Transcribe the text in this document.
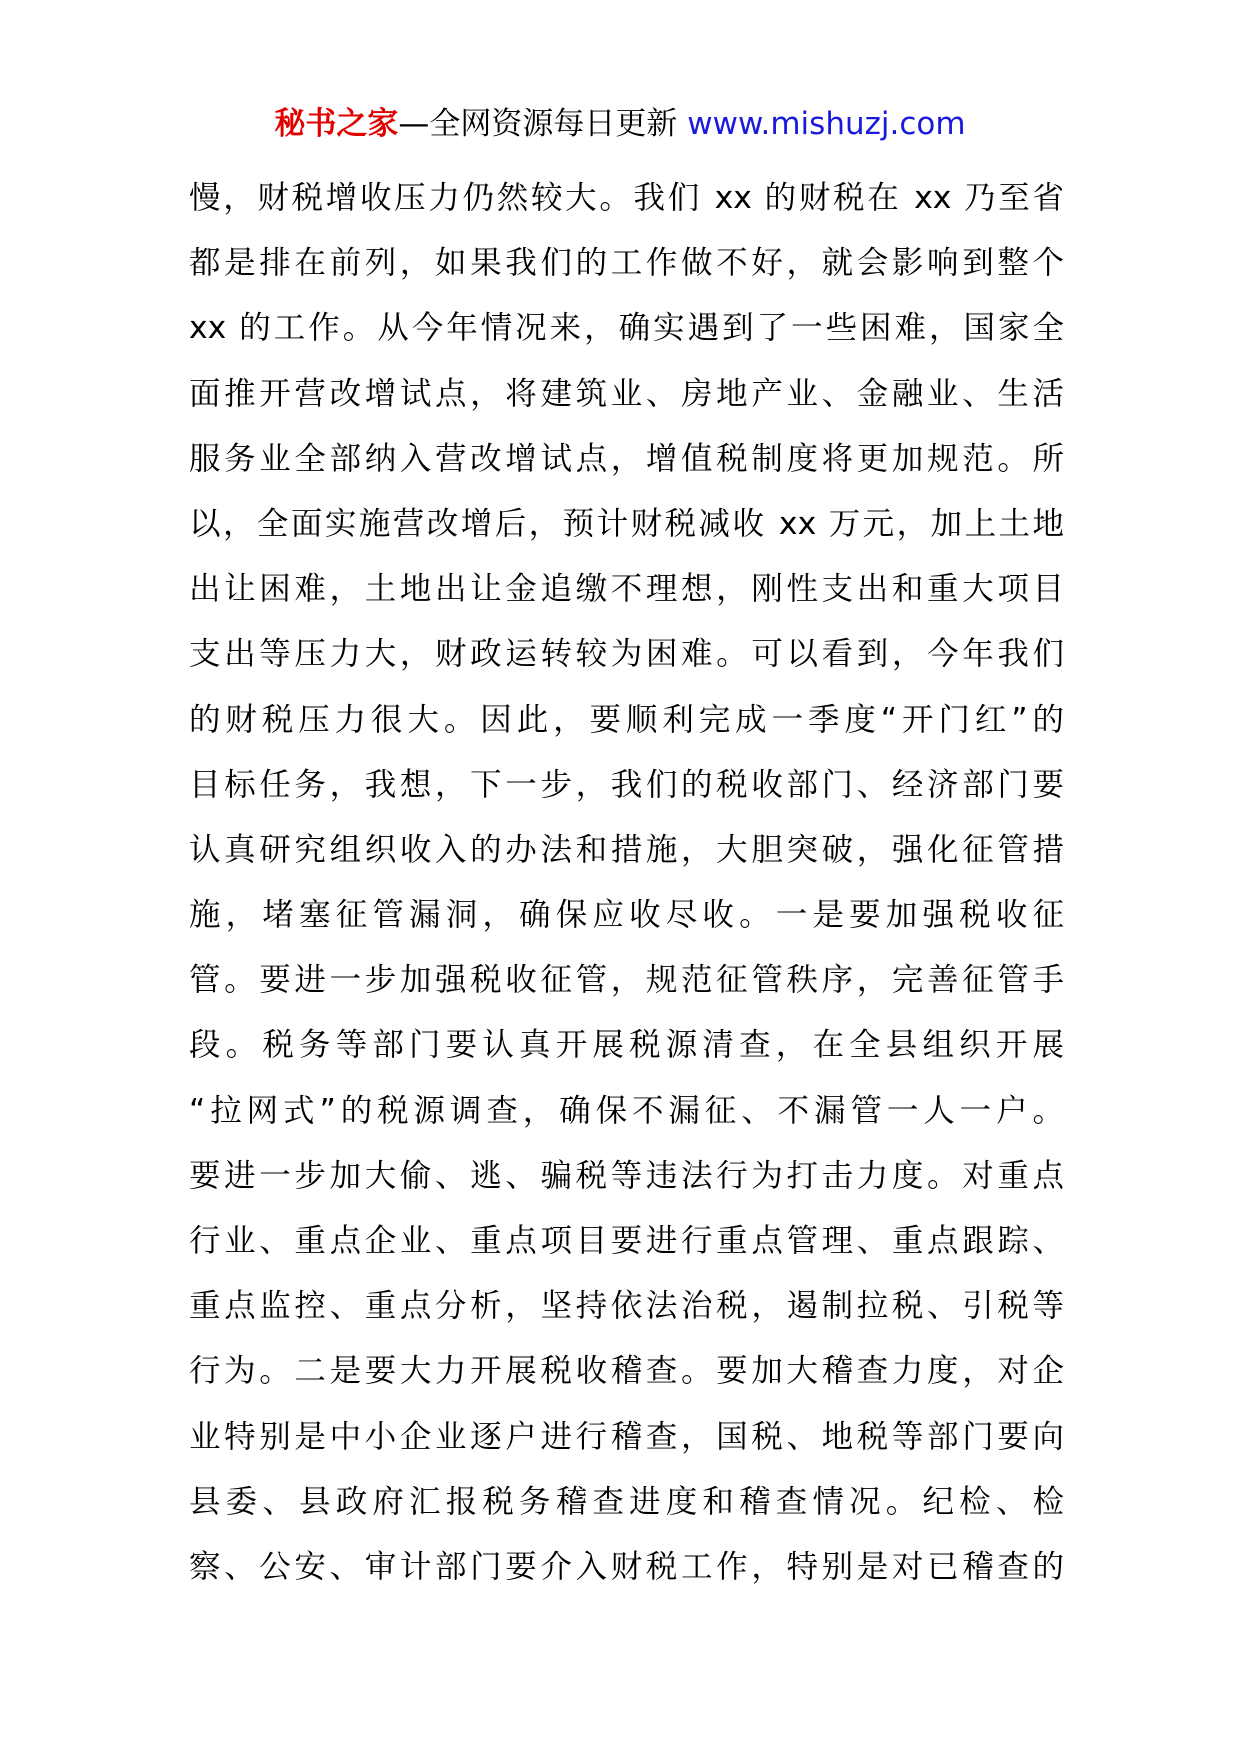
秘书之家—全网资源每日更新 www.mishuzj.com
慢，财税增收压力仍然较大。我们 xx 的财税在 xx 乃至省
都是排在前列，如果我们的工作做不好，就会影响到整个
xx 的工作。从今年情况来，确实遇到了一些困难，国家全
面推开营改增试点，将建筑业、房地产业、金融业、生活
服务业全部纳入营改增试点，增值税制度将更加规范。所
以，全面实施营改增后，预计财税减收 xx 万元，加上土地
出让困难，土地出让金追缴不理想，刚性支出和重大项目
支出等压力大，财政运转较为困难。可以看到，今年我们
的财税压力很大。因此，要顺利完成一季度“开门红”的
目标任务，我想，下一步，我们的税收部门、经济部门要
认真研究组织收入的办法和措施，大胆突破，强化征管措
施，堵塞征管漏洞，确保应收尽收。一是要加强税收征
管。要进一步加强税收征管，规范征管秩序，完善征管手
段。税务等部门要认真开展税源清查，在全县组织开展
“拉网式”的税源调查，确保不漏征、不漏管一人一户。
要进一步加大偷、逃、骗税等违法行为打击力度。对重点
行业、重点企业、重点项目要进行重点管理、重点跟踪、
重点监控、重点分析，坚持依法治税，遏制拉税、引税等
行为。二是要大力开展税收稽查。要加大稽查力度，对企
业特别是中小企业逐户进行稽查，国税、地税等部门要向
县委、县政府汇报税务稽查进度和稽查情况。纪检、检
察、公安、审计部门要介入财税工作，特别是对已稽查的
